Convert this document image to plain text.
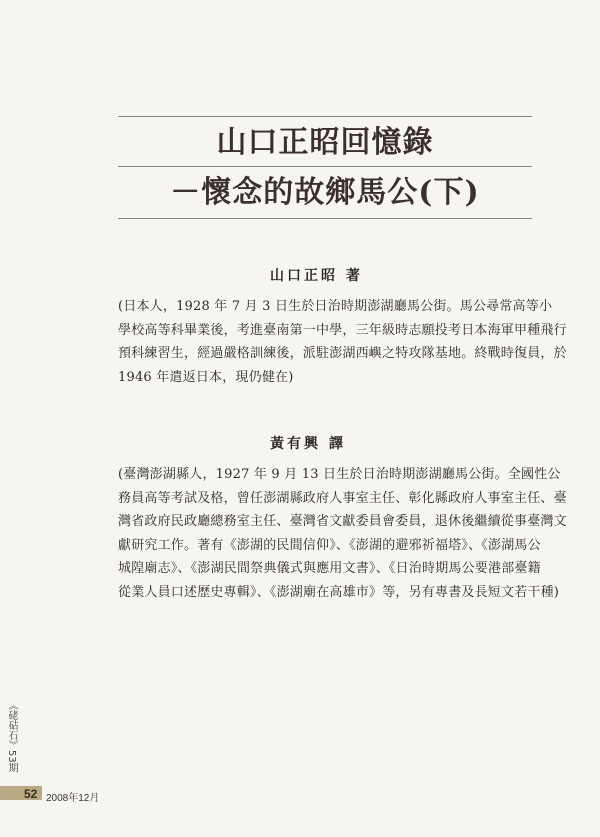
山口正昭回憶錄
－懷念的故鄉馬公(下)
山口正昭 著
(日本人，1928 年 7 月 3 日生於日治時期澎湖廳馬公街。馬公尋常高等小
學校高等科畢業後，考進臺南第一中學，三年級時志願投考日本海軍甲種飛行
預科練習生，經過嚴格訓練後，派駐澎湖西嶼之特攻隊基地。終戰時復員，於
1946 年遣返日本，現仍健在)
黃有興 譯
(臺灣澎湖縣人，1927 年 9 月 13 日生於日治時期澎湖廳馬公街。全國性公
務員高等考試及格，曾任澎湖縣政府人事室主任、彰化縣政府人事室主任、臺
灣省政府民政廳總務室主任、臺灣省文獻委員會委員，退休後繼續從事臺灣文
獻研究工作。著有《澎湖的民間信仰》、《澎湖的避邪祈福塔》、《澎湖馬公
城隍廟志》、《澎湖民間祭典儀式與應用文書》、《日治時期馬公要港部臺籍
從業人員口述歷史專輯》、《澎湖廟在高雄市》等，另有專書及長短文若干種)
《硓𥑮石》53期
52 2008年12月
